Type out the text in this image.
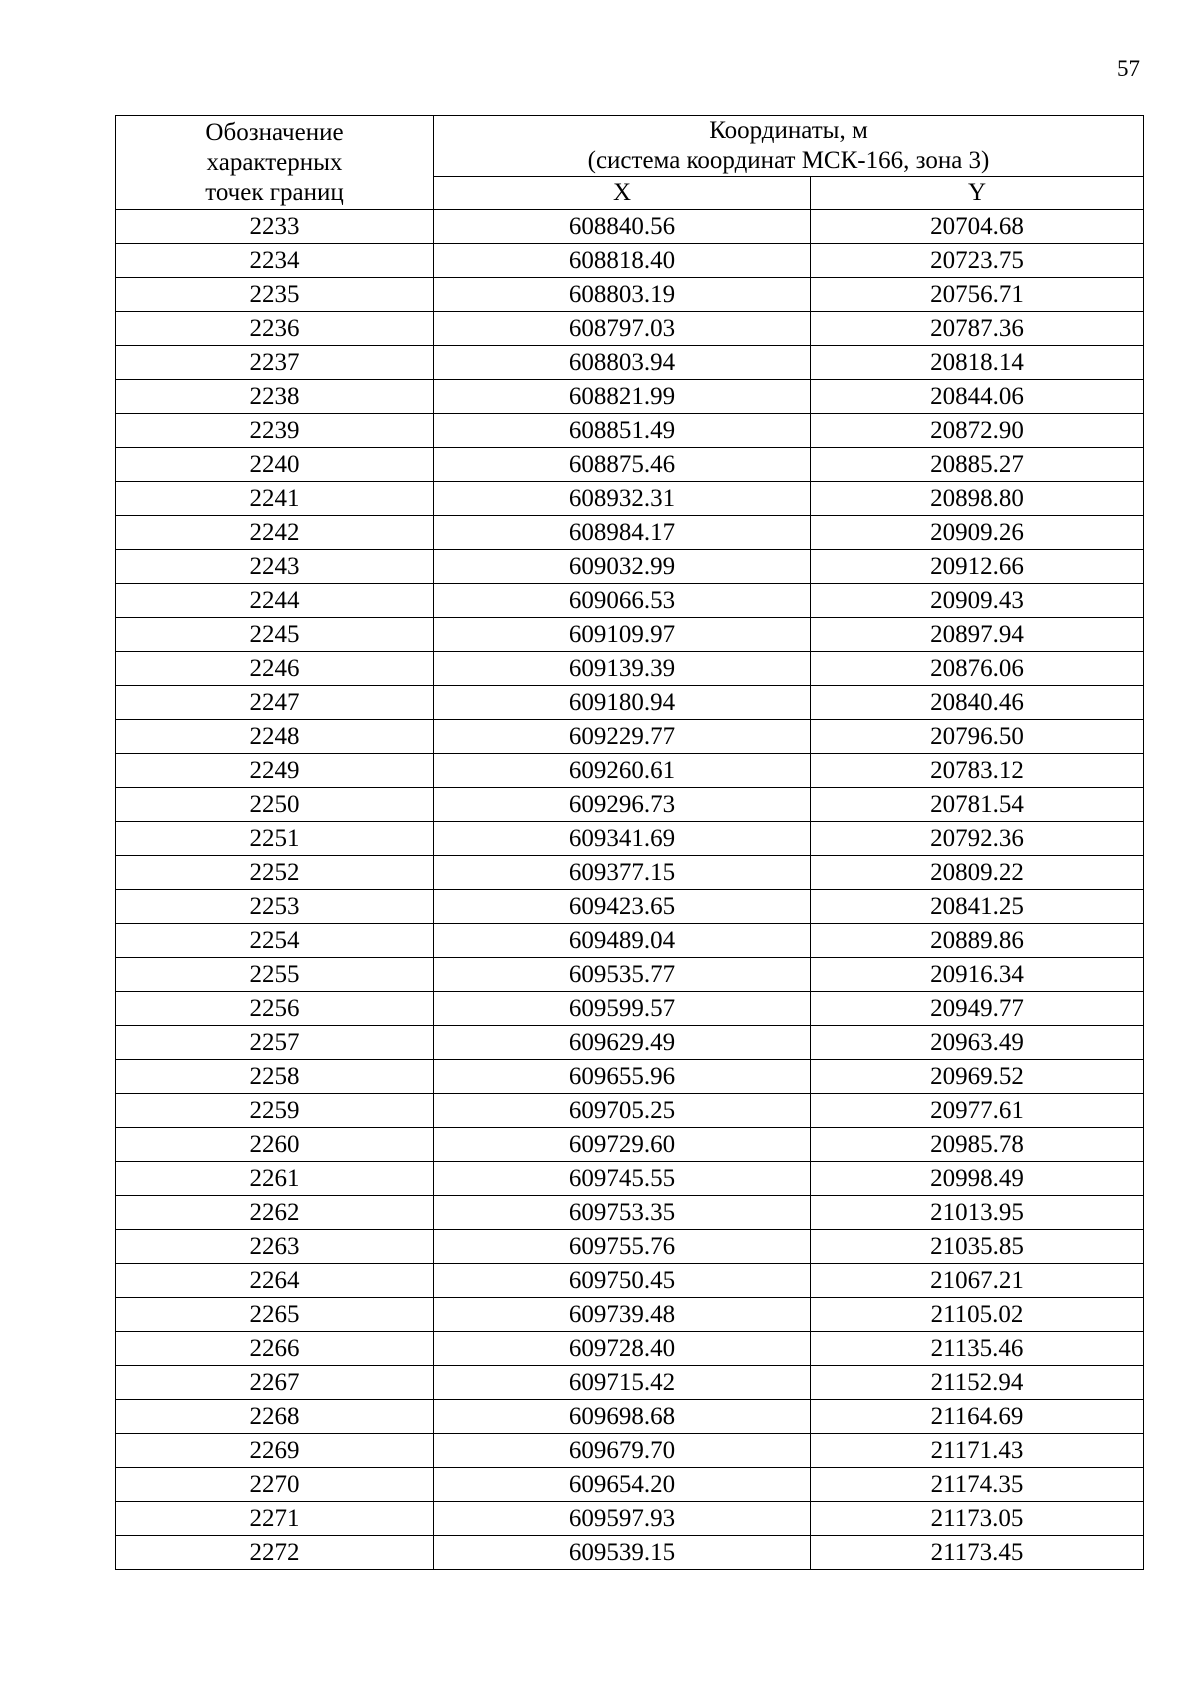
57
Обозначение
характерных
точек границ	Координаты, м
(система координат МСК-166, зона 3)	

	X	Y
2233	608840.56	20704.68
2234	608818.40	20723.75
2235	608803.19	20756.71
2236	608797.03	20787.36
2237	608803.94	20818.14
2238	608821.99	20844.06
2239	608851.49	20872.90
2240	608875.46	20885.27
2241	608932.31	20898.80
2242	608984.17	20909.26
2243	609032.99	20912.66
2244	609066.53	20909.43
2245	609109.97	20897.94
2246	609139.39	20876.06
2247	609180.94	20840.46
2248	609229.77	20796.50
2249	609260.61	20783.12
2250	609296.73	20781.54
2251	609341.69	20792.36
2252	609377.15	20809.22
2253	609423.65	20841.25
2254	609489.04	20889.86
2255	609535.77	20916.34
2256	609599.57	20949.77
2257	609629.49	20963.49
2258	609655.96	20969.52
2259	609705.25	20977.61
2260	609729.60	20985.78
2261	609745.55	20998.49
2262	609753.35	21013.95
2263	609755.76	21035.85
2264	609750.45	21067.21
2265	609739.48	21105.02
2266	609728.40	21135.46
2267	609715.42	21152.94
2268	609698.68	21164.69
2269	609679.70	21171.43
2270	609654.20	21174.35
2271	609597.93	21173.05
2272	609539.15	21173.45
